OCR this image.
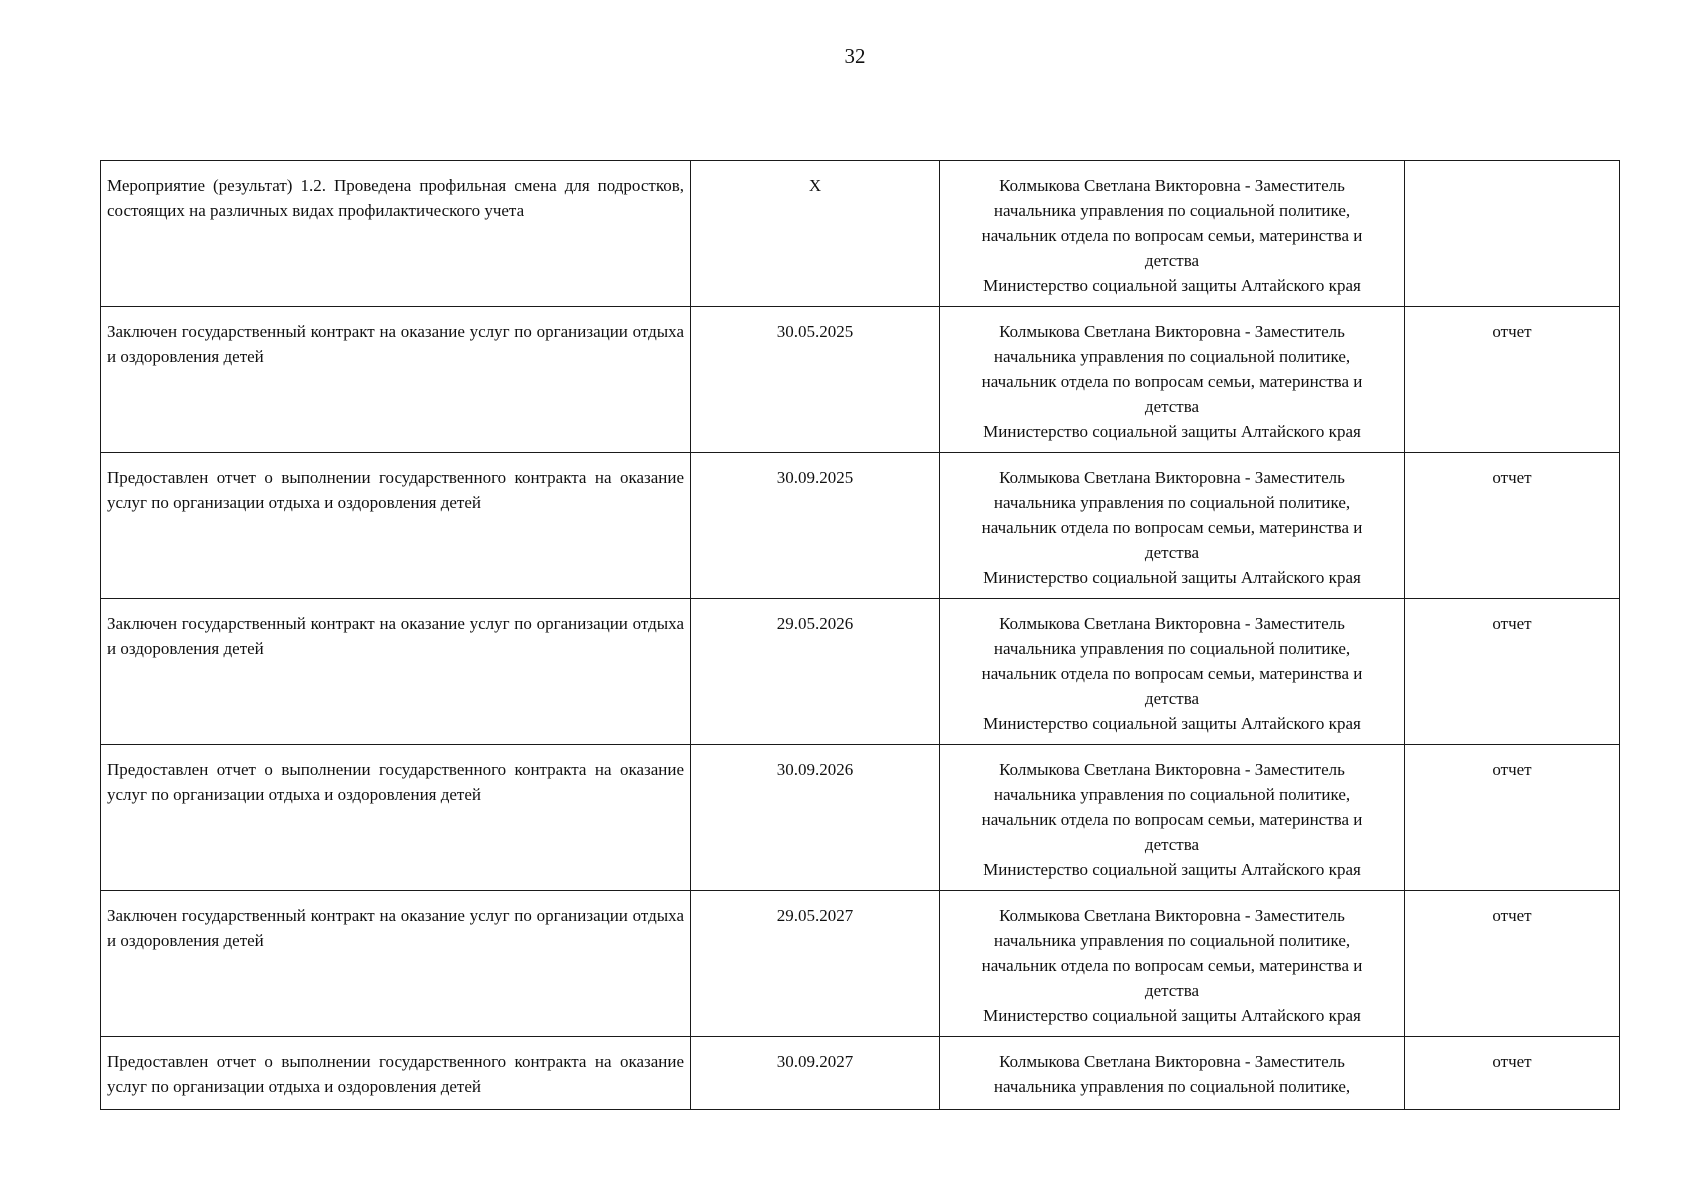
32
Мероприятие (результат) 1.2. Проведена профильная смена для подростков, состоящих на различных видах профилактического учета	X	Колмыкова Светлана Викторовна - Заместитель
начальника управления по социальной политике,
начальник отдела по вопросам семьи, материнства и
детства
Министерство социальной защиты Алтайского края	

Заключен государственный контракт на оказание услуг по организации отдыха и оздоровления детей	30.05.2025	Колмыкова Светлана Викторовна - Заместитель
начальника управления по социальной политике,
начальник отдела по вопросам семьи, материнства и
детства
Министерство социальной защиты Алтайского края	отчет
Предоставлен отчет о выполнении государственного контракта на оказание услуг по организации отдыха и оздоровления детей	30.09.2025	Колмыкова Светлана Викторовна - Заместитель
начальника управления по социальной политике,
начальник отдела по вопросам семьи, материнства и
детства
Министерство социальной защиты Алтайского края	отчет
Заключен государственный контракт на оказание услуг по организации отдыха и оздоровления детей	29.05.2026	Колмыкова Светлана Викторовна - Заместитель
начальника управления по социальной политике,
начальник отдела по вопросам семьи, материнства и
детства
Министерство социальной защиты Алтайского края	отчет
Предоставлен отчет о выполнении государственного контракта на оказание услуг по организации отдыха и оздоровления детей	30.09.2026	Колмыкова Светлана Викторовна - Заместитель
начальника управления по социальной политике,
начальник отдела по вопросам семьи, материнства и
детства
Министерство социальной защиты Алтайского края	отчет
Заключен государственный контракт на оказание услуг по организации отдыха и оздоровления детей	29.05.2027	Колмыкова Светлана Викторовна - Заместитель
начальника управления по социальной политике,
начальник отдела по вопросам семьи, материнства и
детства
Министерство социальной защиты Алтайского края	отчет
Предоставлен отчет о выполнении государственного контракта на оказание услуг по организации отдыха и оздоровления детей	30.09.2027	Колмыкова Светлана Викторовна - Заместитель
начальника управления по социальной политике,	отчет
